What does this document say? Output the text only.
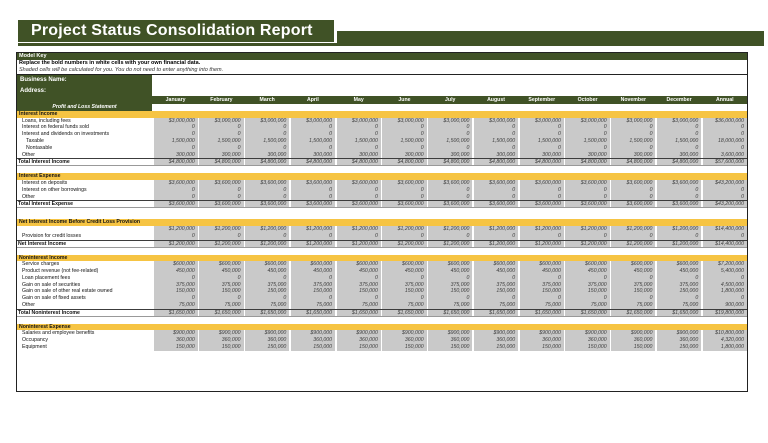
Project Status Consolidation Report
Model Key
Replace the bold numbers in white cells with your own financial data.
Shaded cells will be calculated for you. You do not need to enter anything into them.
Business Name:
Address:
January	February	March	April	May	June	July	August	September	October	November	December	Annual
Profit and Loss Statement
Interest Income
Loans, including fees	$3,000,000	$3,000,000	$3,000,000	$3,000,000	$3,000,000	$3,000,000	$3,000,000	$3,000,000	$3,000,000	$3,000,000	$3,000,000	$3,000,000	$36,000,000
Interest on federal funds sold	0	0	0	0	0	0	0	0	0	0	0	0	0
Interest and dividends on investments	0	0	0	0	0	0	0	0	0	0	0	0	0
Taxable	1,500,000	1,500,000	1,500,000	1,500,000	1,500,000	1,500,000	1,500,000	1,500,000	1,500,000	1,500,000	1,500,000	1,500,000	18,000,000
Nontaxable	0	0	0	0	0	0	0	0	0	0	0	0	0
Other	300,000	300,000	300,000	300,000	300,000	300,000	300,000	300,000	300,000	300,000	300,000	300,000	3,600,000
Total Interest Income	$4,800,000	$4,800,000	$4,800,000	$4,800,000	$4,800,000	$4,800,000	$4,800,000	$4,800,000	$4,800,000	$4,800,000	$4,800,000	$4,800,000	$57,600,000
Interest Expense
Interest on deposits	$3,600,000	$3,600,000	$3,600,000	$3,600,000	$3,600,000	$3,600,000	$3,600,000	$3,600,000	$3,600,000	$3,600,000	$3,600,000	$3,600,000	$43,200,000
Interest on other borrowings	0	0	0	0	0	0	0	0	0	0	0	0	0
Other	0	0	0	0	0	0	0	0	0	0	0	0	0
Total Interest Expense	$3,600,000	$3,600,000	$3,600,000	$3,600,000	$3,600,000	$3,600,000	$3,600,000	$3,600,000	$3,600,000	$3,600,000	$3,600,000	$3,600,000	$43,200,000
Net Interest Income Before Credit Loss Provision
$1,200,000	$1,200,000	$1,200,000	$1,200,000	$1,200,000	$1,200,000	$1,200,000	$1,200,000	$1,200,000	$1,200,000	$1,200,000	$1,200,000	$14,400,000
Provision for credit losses	0	0	0	0	0	0	0	0	0	0	0	0	0
Net Interest Income	$1,200,000	$1,200,000	$1,200,000	$1,200,000	$1,200,000	$1,200,000	$1,200,000	$1,200,000	$1,200,000	$1,200,000	$1,200,000	$1,200,000	$14,400,000
Noninterest Income
Service charges	$600,000	$600,000	$600,000	$600,000	$600,000	$600,000	$600,000	$600,000	$600,000	$600,000	$600,000	$600,000	$7,200,000
Product revenue (not fee-related)	450,000	450,000	450,000	450,000	450,000	450,000	450,000	450,000	450,000	450,000	450,000	450,000	5,400,000
Loan placement fees	0	0	0	0	0	0	0	0	0	0	0	0	0
Gain on sale of securities	375,000	375,000	375,000	375,000	375,000	375,000	375,000	375,000	375,000	375,000	375,000	375,000	4,500,000
Gain on sale of other real estate owned	150,000	150,000	150,000	150,000	150,000	150,000	150,000	150,000	150,000	150,000	150,000	150,000	1,800,000
Gain on sale of fixed assets	0	0	0	0	0	0	0	0	0	0	0	0	0
Other	75,000	75,000	75,000	75,000	75,000	75,000	75,000	75,000	75,000	75,000	75,000	75,000	900,000
Total Noninterest Income	$1,650,000	$1,650,000	$1,650,000	$1,650,000	$1,650,000	$1,650,000	$1,650,000	$1,650,000	$1,650,000	$1,650,000	$1,650,000	$1,650,000	$19,800,000
Noninterest Expense
Salaries and employee benefits	$900,000	$900,000	$900,000	$900,000	$900,000	$900,000	$900,000	$900,000	$900,000	$900,000	$900,000	$900,000	$10,800,000
Occupancy	360,000	360,000	360,000	360,000	360,000	360,000	360,000	360,000	360,000	360,000	360,000	360,000	4,320,000
Equipment	150,000	150,000	150,000	150,000	150,000	150,000	150,000	150,000	150,000	150,000	150,000	150,000	1,800,000
